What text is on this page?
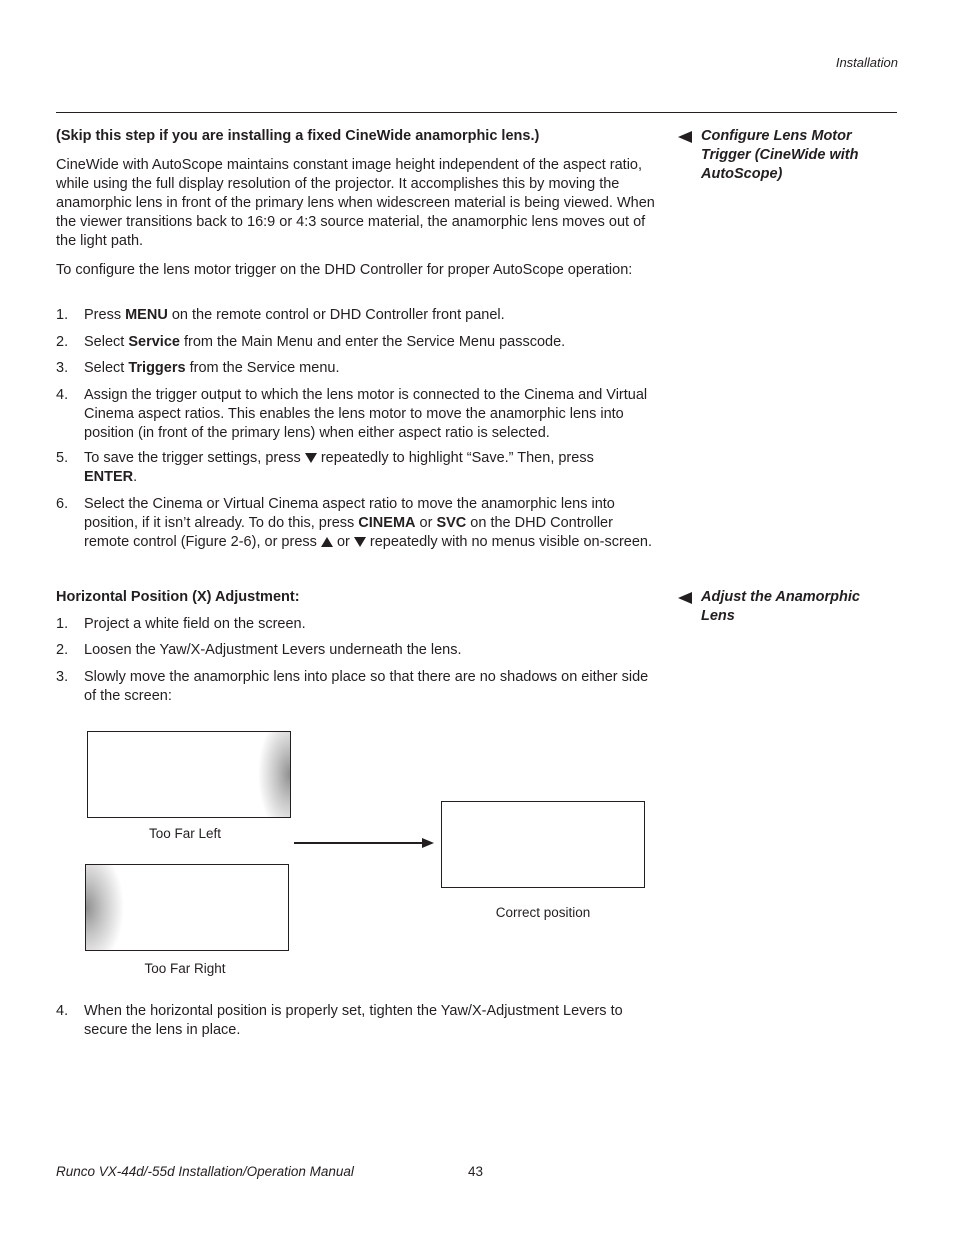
Installation
Configure Lens Motor Trigger (CineWide with AutoScope)

(Skip this step if you are installing a fixed CineWide anamorphic lens.)

CineWide with AutoScope maintains constant image height independent of the aspect ratio, while using the full display resolution of the projector. It accomplishes this by moving the anamorphic lens in front of the primary lens when widescreen material is being viewed. When the viewer transitions back to 16:9 or 4:3 source material, the anamorphic lens moves out of the light path.

To configure the lens motor trigger on the DHD Controller for proper AutoScope operation:

1. Press MENU on the remote control or DHD Controller front panel.
2. Select Service from the Main Menu and enter the Service Menu passcode.
3. Select Triggers from the Service menu.
4. Assign the trigger output to which the lens motor is connected to the Cinema and Virtual Cinema aspect ratios. This enables the lens motor to move the anamorphic lens into position (in front of the primary lens) when either aspect ratio is selected.
5. To save the trigger settings, press  repeatedly to highlight “Save.” Then, press
ENTER.
6. Select the Cinema or Virtual Cinema aspect ratio to move the anamorphic lens into position, if it isn’t already. To do this, press CINEMA or SVC on the DHD Controller remote control (Figure 2-6), or press  or  repeatedly with no menus visible on-screen.
Adjust the Anamorphic Lens

Horizontal Position (X) Adjustment:

1. Project a white field on the screen.
2. Loosen the Yaw/X-Adjustment Levers underneath the lens.
3. Slowly move the anamorphic lens into place so that there are no shadows on either side of the screen:
Too Far Left
Too Far Right
Correct position
4. When the horizontal position is properly set, tighten the Yaw/X-Adjustment Levers to secure the lens in place.
Runco VX-44d/-55d Installation/Operation Manual	43
